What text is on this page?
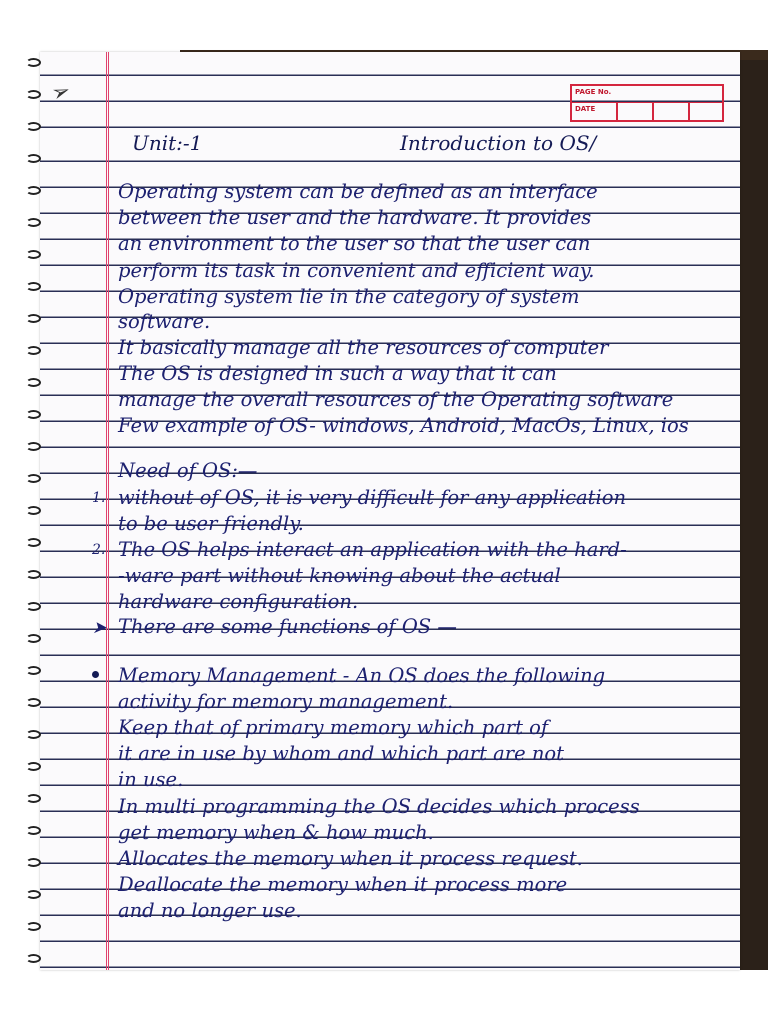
PAGE No.
DATE
Unit:-1	Introduction to OS/
Operating system can be defined as an interface
between the user and the hardware. It provides
an environment to the user so that the user can
perform its task in convenient and efficient way.
Operating system lie in the category of system
software.
It basically manage all the resources of computer
The OS is designed in such a way that it can
manage the overall resources of the Operating software
Few example of OS- windows, Android, MacOs, Linux, ios
Need of OS:—
1. without of OS, it is very difficult for any application
to be user friendly.
2. The OS helps interact an application with the hard-
-ware part without knowing about the actual
hardware configuration.
➤ There are some functions of OS —
Memory Management - An OS does the following
activity for memory management.
Keep that of primary memory which part of
it are in use by whom and which part are not
in use.
In multi programming the OS decides which process
get memory when & how much.
Allocates the memory when it process request.
Deallocate the memory when it process more
and no longer use.
➢
